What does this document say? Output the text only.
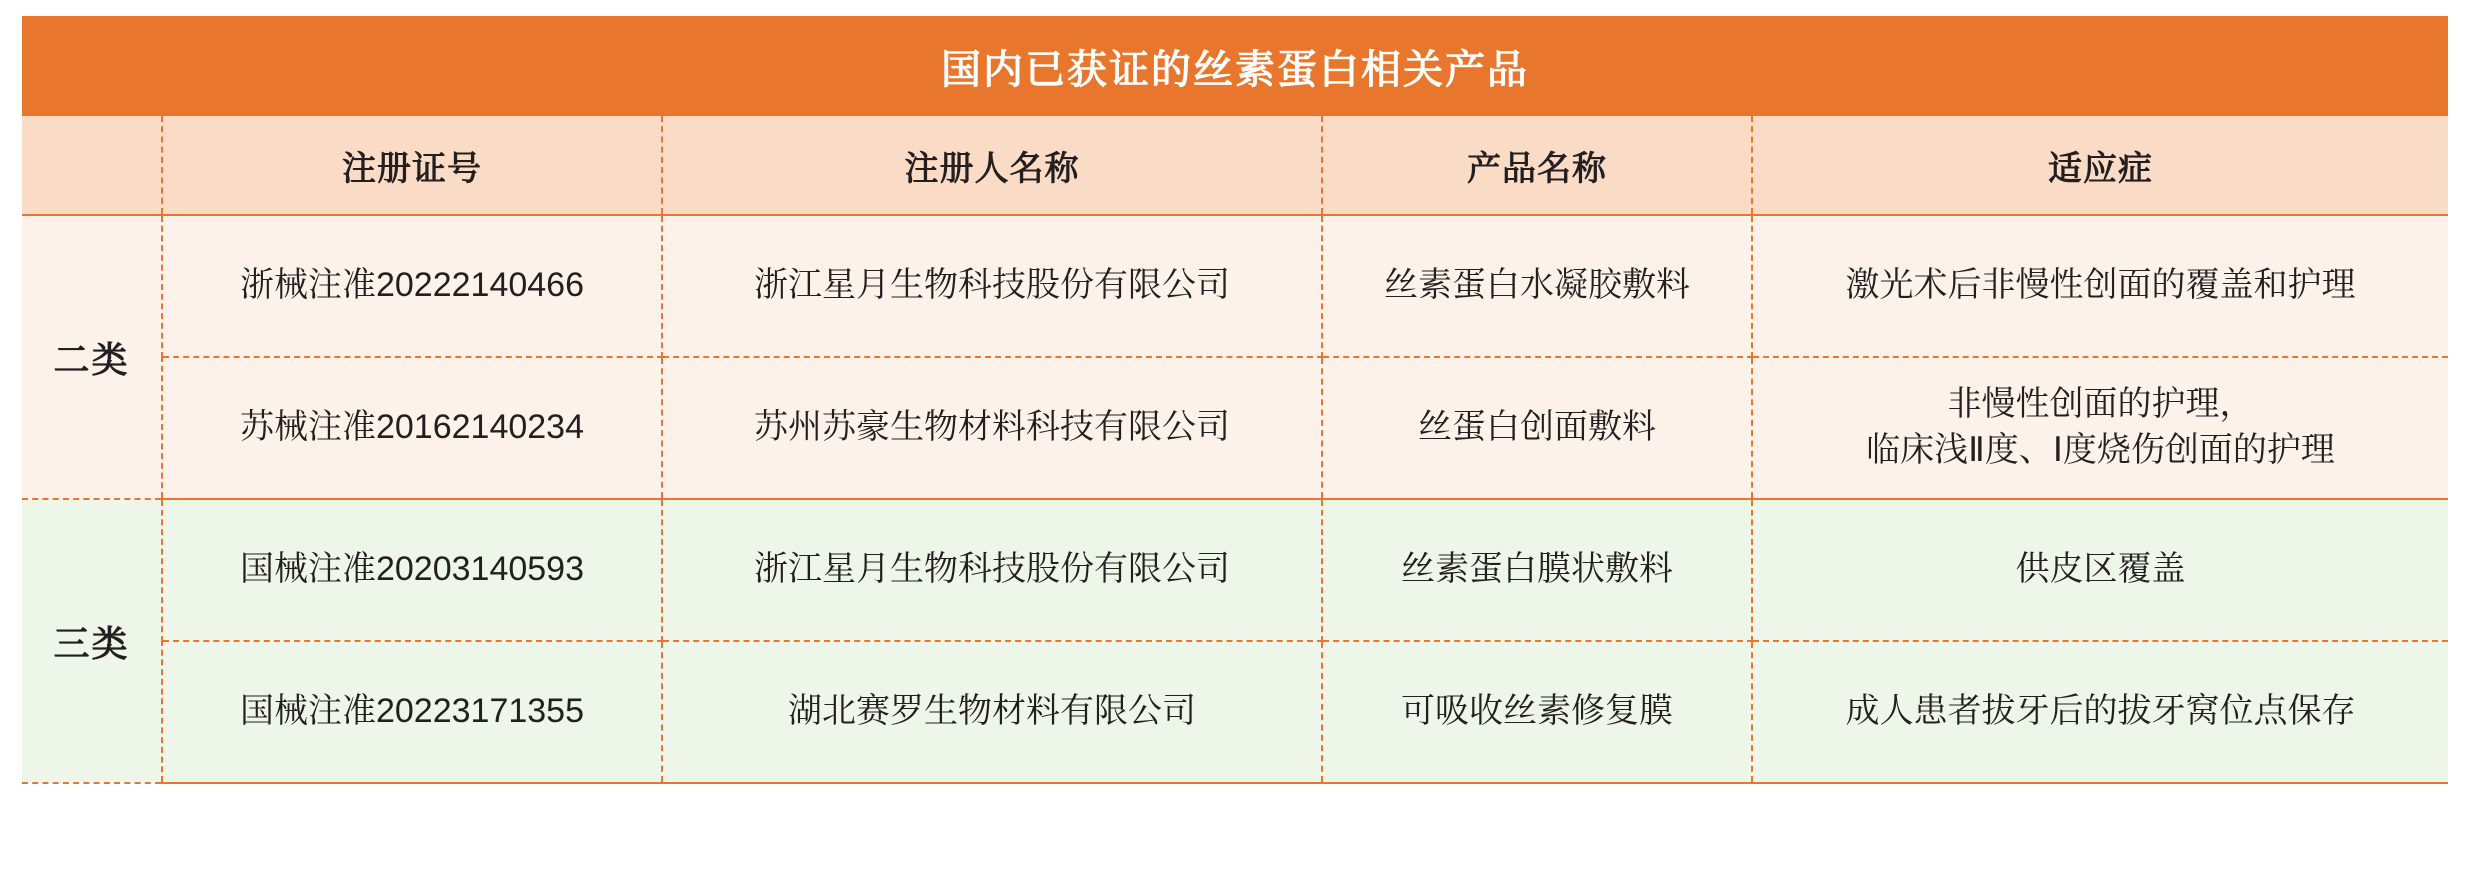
国内已获证的丝素蛋白相关产品				
	注册证号	注册人名称	产品名称	适应症
二类	浙械注准20222140466	浙江星月生物科技股份有限公司	丝素蛋白水凝胶敷料	激光术后非慢性创面的覆盖和护理
	苏械注准20162140234	苏州苏豪生物材料科技有限公司	丝蛋白创面敷料	非慢性创面的护理，
临床浅Ⅱ度、Ⅰ度烧伤创面的护理

三类	国械注准20203140593	浙江星月生物科技股份有限公司	丝素蛋白膜状敷料	供皮区覆盖
	国械注准20223171355	湖北赛罗生物材料有限公司	可吸收丝素修复膜	成人患者拔牙后的拔牙窝位点保存
